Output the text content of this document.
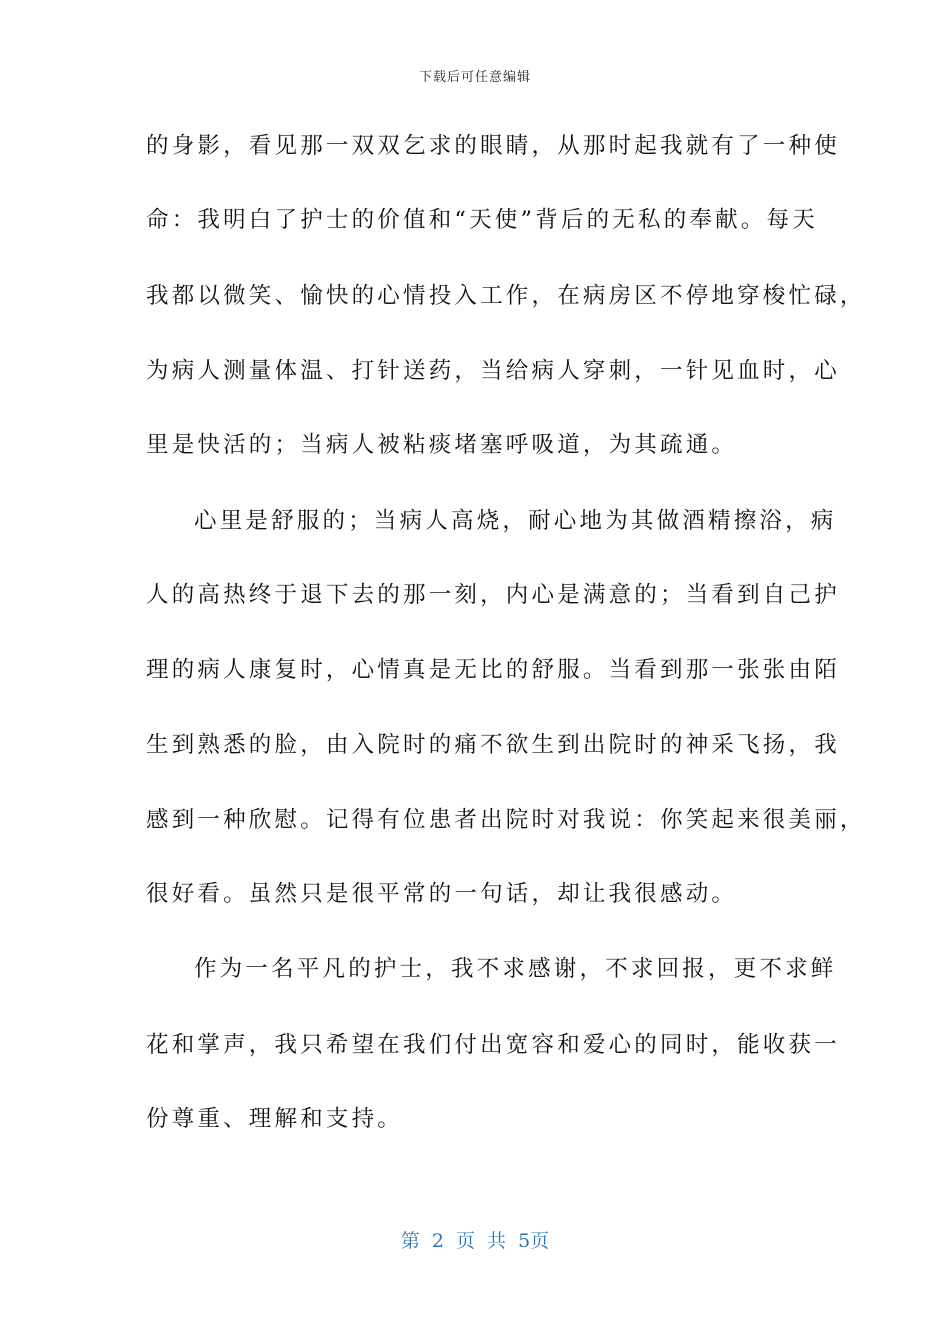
下载后可任意编辑
的身影，看见那一双双乞求的眼睛，从那时起我就有了一种使
命：我明白了护士的价值和“天使”背后的无私的奉献。每天
我都以微笑、愉快的心情投入工作，在病房区不停地穿梭忙碌，
为病人测量体温、打针送药，当给病人穿刺，一针见血时，心
里是快活的；当病人被粘痰堵塞呼吸道，为其疏通。
心里是舒服的；当病人高烧，耐心地为其做酒精擦浴，病
人的高热终于退下去的那一刻，内心是满意的；当看到自己护
理的病人康复时，心情真是无比的舒服。当看到那一张张由陌
生到熟悉的脸，由入院时的痛不欲生到出院时的神采飞扬，我
感到一种欣慰。记得有位患者出院时对我说：你笑起来很美丽，
很好看。虽然只是很平常的一句话，却让我很感动。
作为一名平凡的护士，我不求感谢，不求回报，更不求鲜
花和掌声，我只希望在我们付出宽容和爱心的同时，能收获一
份尊重、理解和支持。
第 2 页 共 5页
